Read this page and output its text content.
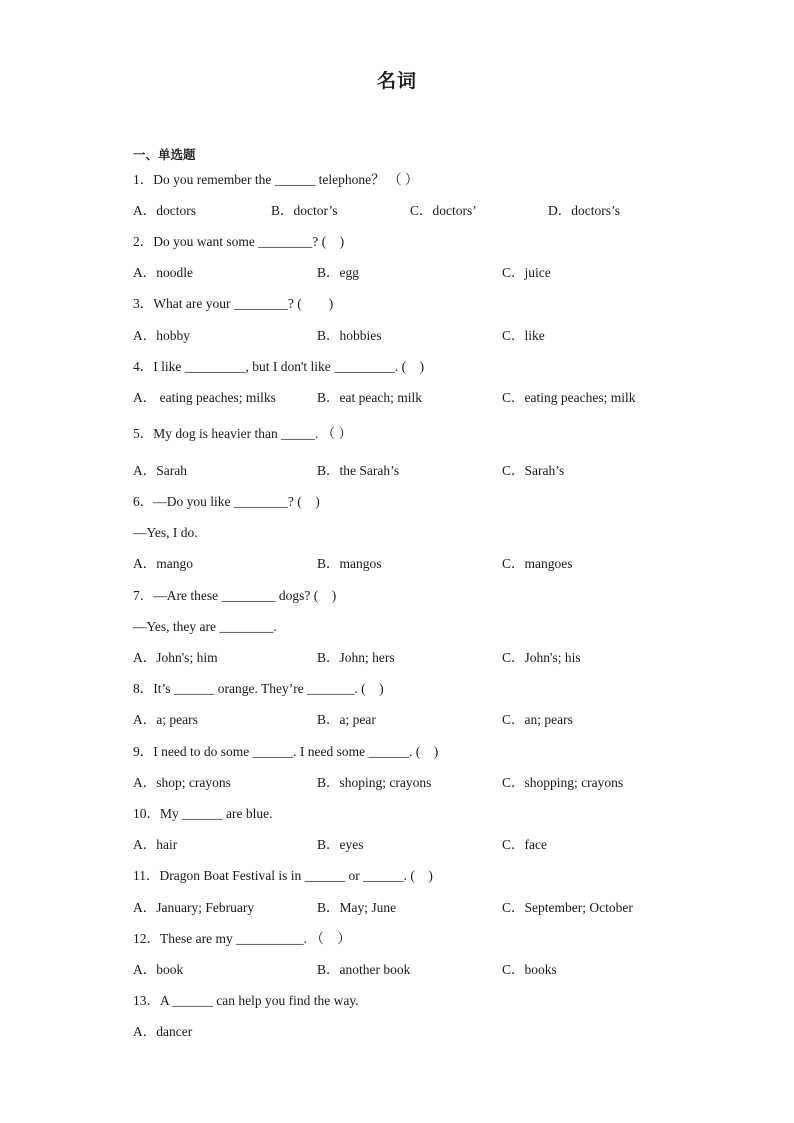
名词
一、单选题
1．Do you remember the ______ telephone？ （ ）
A．doctors	B．doctor’s	C．doctors’	D．doctors’s
2．Do you want some ________? (　)
A．noodle	B．egg	C．juice
3．What are your ________? (　　)
A．hobby	B．hobbies	C．like
4．I like _________, but I don't like _________. (　)
A． eating peaches; milks	B．eat peach; milk	C．eating peaches; milk
5．My dog is heavier than _____. （ ）
A．Sarah	B．the Sarah’s	C．Sarah’s
6．—Do you like ________? (　)
—Yes, I do.
A．mango	B．mangos	C．mangoes
7．—Are these ________ dogs? (　)
—Yes, they are ________.
A．John's; him	B．John; hers	C．John's; his
8．It’s ______ orange. They’re _______. (　)
A．a; pears	B．a; pear	C．an; pears
9．I need to do some ______. I need some ______. (　)
A．shop; crayons	B．shoping; crayons	C．shopping; crayons
10．My ______ are blue.
A．hair	B．eyes	C．face
11．Dragon Boat Festival is in ______ or ______. (　)
A．January; February	B．May; June	C．September; October
12．These are my __________. （　）
A．book	B．another book	C．books
13．A ______ can help you find the way.
A．dancer
